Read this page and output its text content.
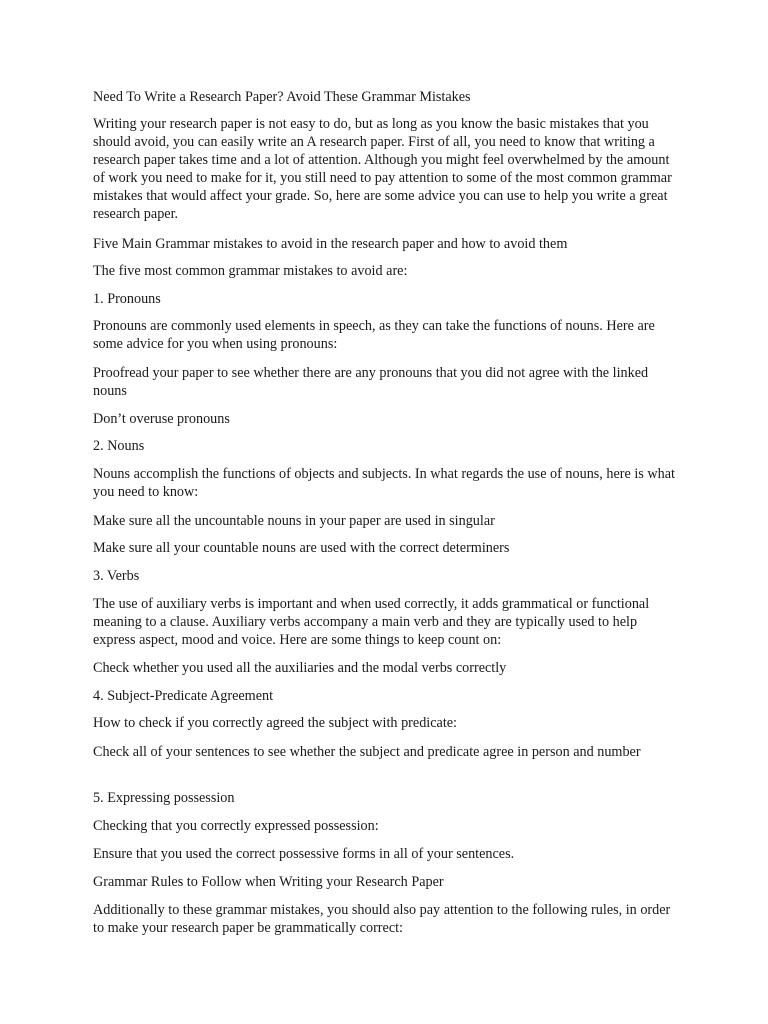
Need To Write a Research Paper? Avoid These Grammar Mistakes

Writing your research paper is not easy to do, but as long as you know the basic mistakes that you should avoid, you can easily write an A research paper. First of all, you need to know that writing a research paper takes time and a lot of attention. Although you might feel overwhelmed by the amount of work you need to make for it, you still need to pay attention to some of the most common grammar mistakes that would affect your grade. So, here are some advice you can use to help you write a great research paper.

Five Main Grammar mistakes to avoid in the research paper and how to avoid them

The five most common grammar mistakes to avoid are:

1. Pronouns

Pronouns are commonly used elements in speech, as they can take the functions of nouns. Here are some advice for you when using pronouns:

Proofread your paper to see whether there are any pronouns that you did not agree with the linked nouns

Don’t overuse pronouns

2. Nouns

Nouns accomplish the functions of objects and subjects. In what regards the use of nouns, here is what you need to know:

Make sure all the uncountable nouns in your paper are used in singular

Make sure all your countable nouns are used with the correct determiners

3. Verbs

The use of auxiliary verbs is important and when used correctly, it adds grammatical or functional meaning to a clause. Auxiliary verbs accompany a main verb and they are typically used to help express aspect, mood and voice. Here are some things to keep count on:

Check whether you used all the auxiliaries and the modal verbs correctly

4. Subject-Predicate Agreement

How to check if you correctly agreed the subject with predicate:

Check all of your sentences to see whether the subject and predicate agree in person and number

5. Expressing possession

Checking that you correctly expressed possession:

Ensure that you used the correct possessive forms in all of your sentences.

Grammar Rules to Follow when Writing your Research Paper

Additionally to these grammar mistakes, you should also pay attention to the following rules, in order to make your research paper be grammatically correct:
